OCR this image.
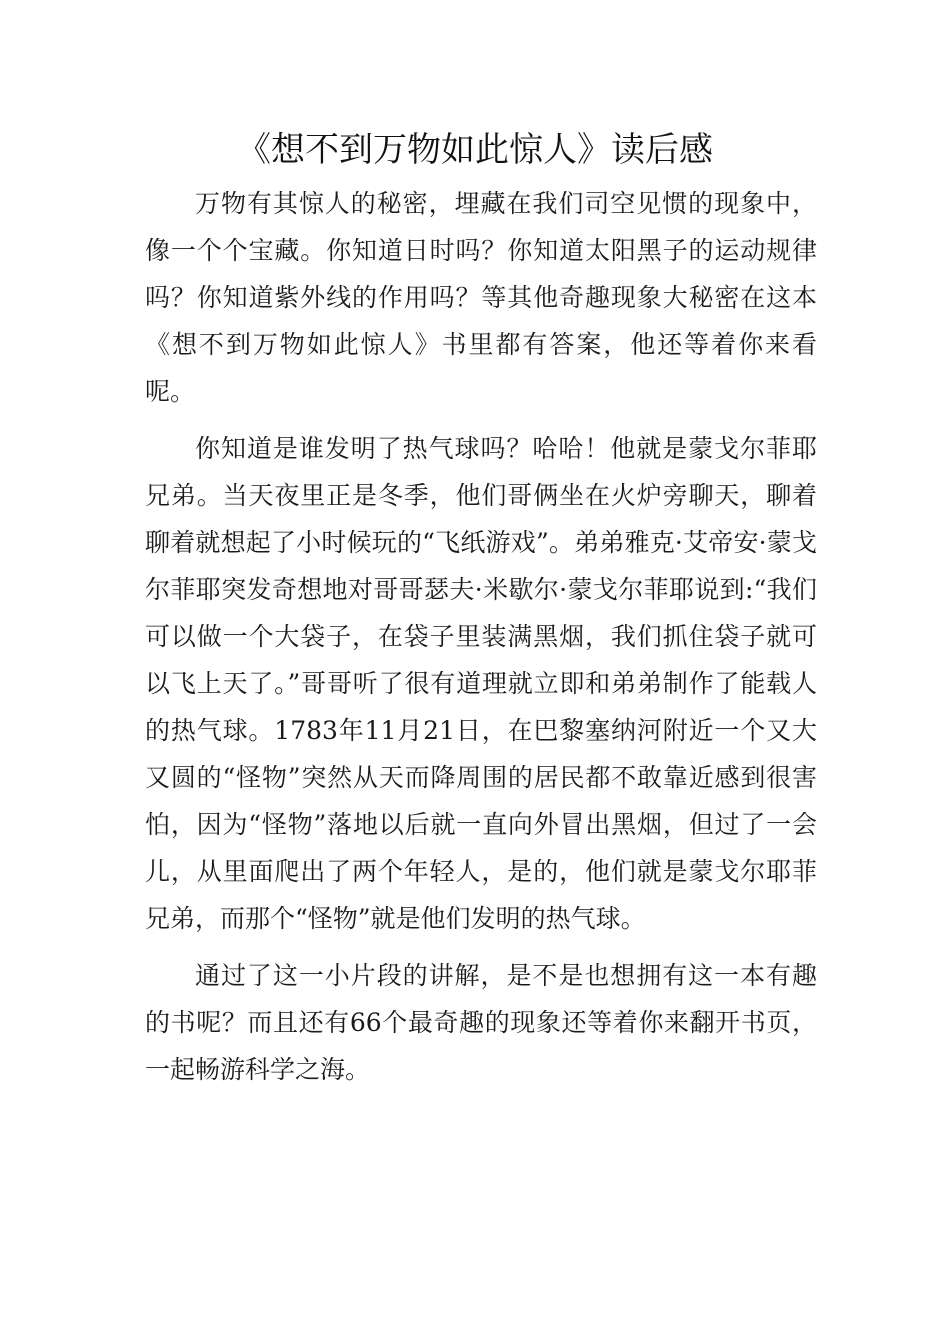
《想不到万物如此惊人》读后感

万物有其惊人的秘密，埋藏在我们司空见惯的现象中，像一个个宝藏。你知道日时吗？你知道太阳黑子的运动规律吗？你知道紫外线的作用吗？等其他奇趣现象大秘密在这本《想不到万物如此惊人》书里都有答案，他还等着你来看呢。

你知道是谁发明了热气球吗？哈哈！他就是蒙戈尔菲耶兄弟。当天夜里正是冬季，他们哥俩坐在火炉旁聊天，聊着聊着就想起了小时候玩的“飞纸游戏”。弟弟雅克·艾帝安·蒙戈尔菲耶突发奇想地对哥哥瑟夫·米歇尔·蒙戈尔菲耶说到:“我们可以做一个大袋子，在袋子里装满黑烟，我们抓住袋子就可以飞上天了。”哥哥听了很有道理就立即和弟弟制作了能载人的热气球。1783年11月21日，在巴黎塞纳河附近一个又大又圆的“怪物”突然从天而降周围的居民都不敢靠近感到很害怕，因为“怪物”落地以后就一直向外冒出黑烟，但过了一会儿，从里面爬出了两个年轻人，是的，他们就是蒙戈尔耶菲兄弟，而那个“怪物”就是他们发明的热气球。

通过了这一小片段的讲解，是不是也想拥有这一本有趣的书呢？而且还有66个最奇趣的现象还等着你来翻开书页，一起畅游科学之海。
